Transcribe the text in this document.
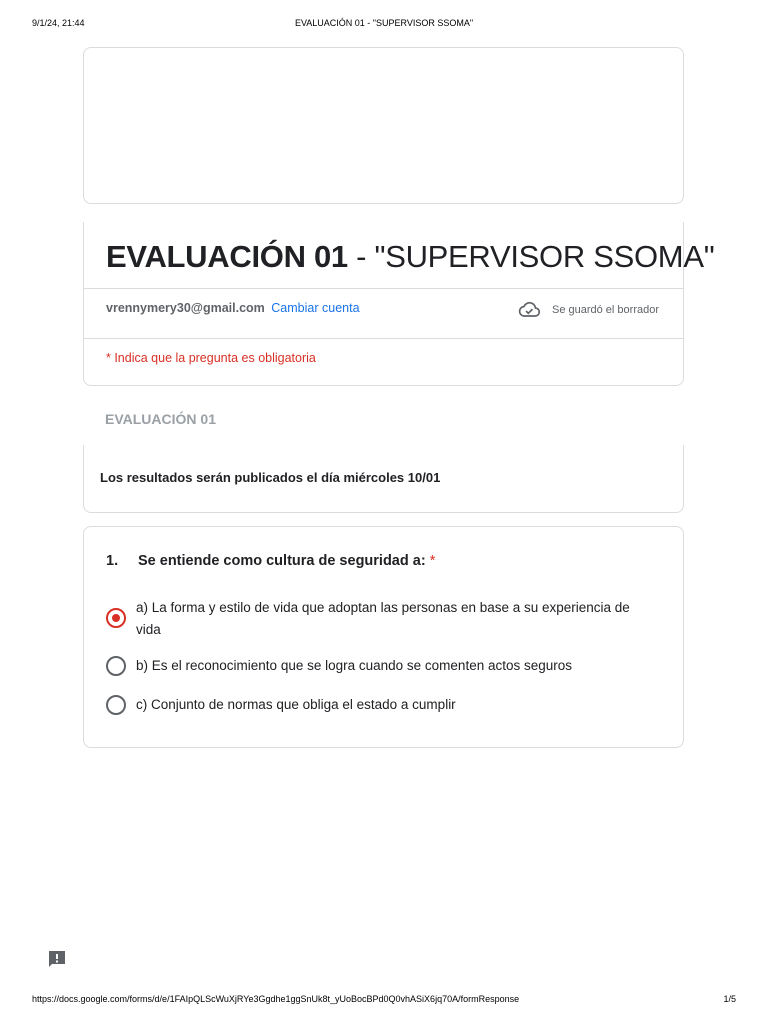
9/1/24, 21:44	EVALUACIÓN 01 - "SUPERVISOR SSOMA"
EVALUACIÓN 01 - "SUPERVISOR SSOMA"
vrennymery30@gmail.com Cambiar cuenta	Se guardó el borrador
* Indica que la pregunta es obligatoria
EVALUACIÓN 01
Los resultados serán publicados el día miércoles 10/01
1. Se entiende como cultura de seguridad a: *
a) La forma y estilo de vida que adoptan las personas en base a su experiencia de vida
b) Es el reconocimiento que se logra cuando se comenten actos seguros
c) Conjunto de normas que obliga el estado a cumplir
https://docs.google.com/forms/d/e/1FAIpQLScWuXjRYe3Ggdhe1ggSnUk8t_yUoBocBPd0Q0vhASiX6jq70A/formResponse	1/5
